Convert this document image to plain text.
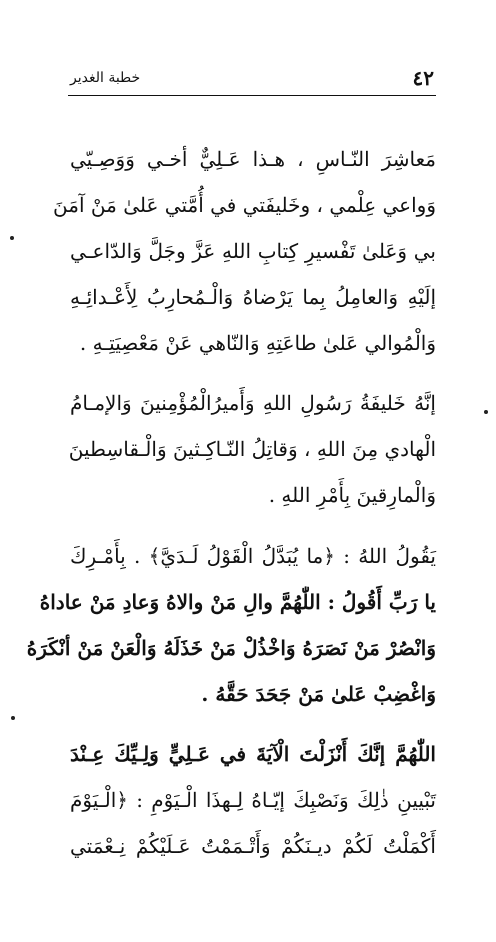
٤٢
خطبة الغدير
مَعاشِرَ النّـاسِ ، هـذا عَـلِيٌّ أخـي وَوَصِـيّي
وَواعي عِلْمي ، وخَليفَتي في أُمَّتي عَلىٰ مَنْ آمَنَ
بي وَعَلىٰ تَفْسيرِ كِتابِ اللهِ عَزَّ وجَلَّ وَالدّاعـي
إلَيْهِ وَالعامِلُ بِما يَرْضاهُ وَالْـمُحارِبُ لِأَعْـدائِـهِ
وَالْمُوالي عَلىٰ طاعَتِهِ وَالنّاهي عَنْ مَعْصِيَتِـهِ .
إنَّهُ خَليفَةُ رَسُولِ اللهِ وَأَميرُالْمُؤْمِنينَ وَالإمـامُ
الْهادي مِنَ اللهِ ، وَقاتِلُ النّـاكِـثينَ وَالْـقاسِطينَ
وَالْمارِقينَ بِأَمْرِ اللهِ .
يَقُولُ اللهُ : ﴿ما يُبَدَّلُ الْقَوْلُ لَـدَيَّ﴾ . بِأَمْـرِكَ
يا رَبِّ أَقُولُ : اللّٰهُمَّ والِ مَنْ والاهُ وَعادِ مَنْ عاداهُ
وَانْصُرْ مَنْ نَصَرَهُ وَاخْذُلْ مَنْ خَذَلَهُ وَالْعَنْ مَنْ أنْكَرَهُ
وَاغْضِبْ عَلىٰ مَنْ جَحَدَ حَقَّهُ .
اللّٰهُمَّ إنَّكَ أَنْزَلْتَ الْآيَةَ في عَـلِيٍّ وَلِـيِّكَ عِـنْدَ
تَبْيينِ ذٰلِكَ وَنَصْبِكَ إيّـاهُ لِـهذَا الْـيَوْمِ : ﴿الْـيَوْمَ
أَكْمَلْتُ لَكُمْ ديـنَكُمْ وَأَتْـمَمْتُ عَـلَيْكُمْ نِـعْمَتي
